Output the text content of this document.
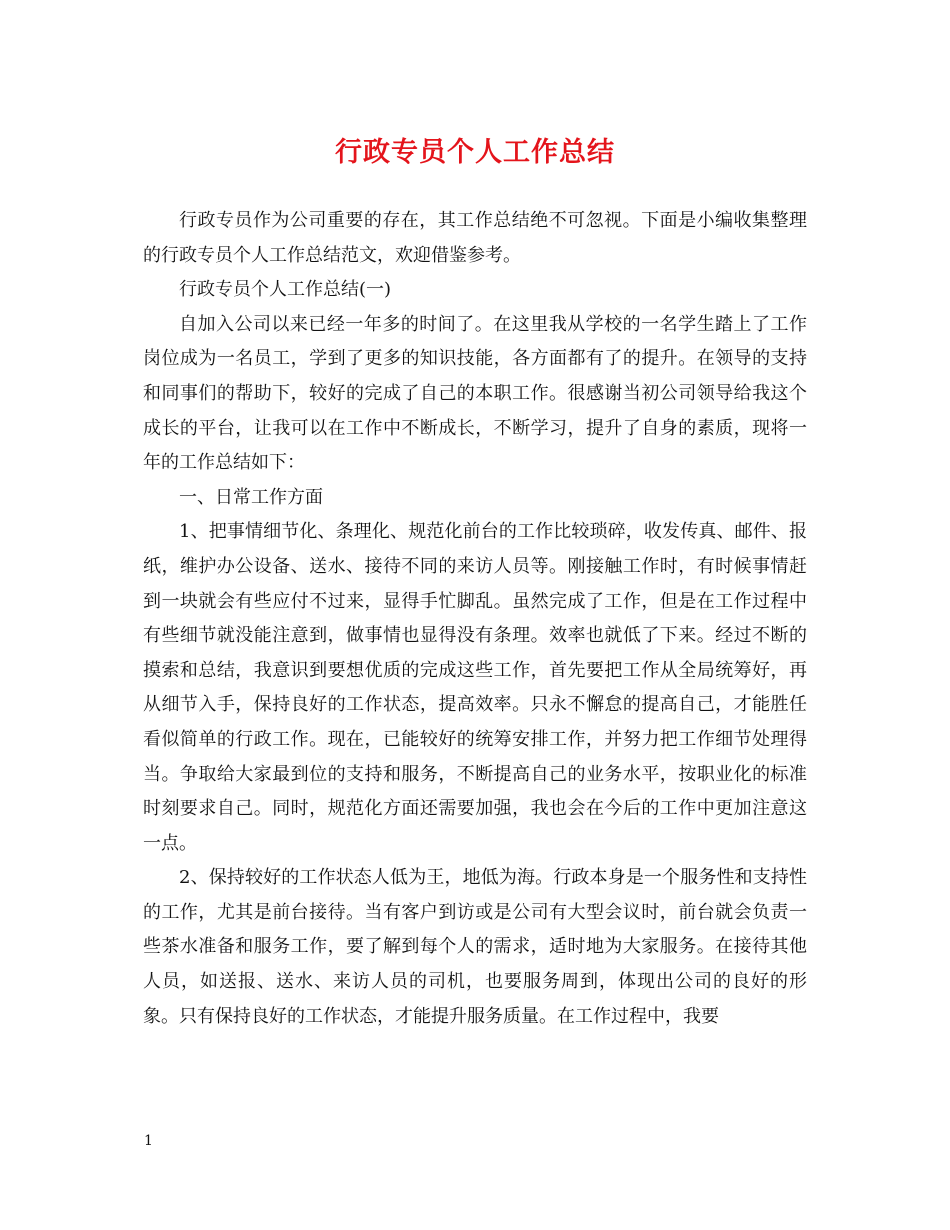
行政专员个人工作总结

行政专员作为公司重要的存在，其工作总结绝不可忽视。下面是小编收集整理的行政专员个人工作总结范文，欢迎借鉴参考。

行政专员个人工作总结(一)

自加入公司以来已经一年多的时间了。在这里我从学校的一名学生踏上了工作岗位成为一名员工，学到了更多的知识技能，各方面都有了的提升。在领导的支持和同事们的帮助下，较好的完成了自己的本职工作。很感谢当初公司领导给我这个成长的平台，让我可以在工作中不断成长，不断学习，提升了自身的素质，现将一年的工作总结如下：

一、日常工作方面

1、把事情细节化、条理化、规范化前台的工作比较琐碎，收发传真、邮件、报纸，维护办公设备、送水、接待不同的来访人员等。刚接触工作时，有时候事情赶到一块就会有些应付不过来，显得手忙脚乱。虽然完成了工作，但是在工作过程中有些细节就没能注意到，做事情也显得没有条理。效率也就低了下来。经过不断的摸索和总结，我意识到要想优质的完成这些工作，首先要把工作从全局统筹好，再从细节入手，保持良好的工作状态，提高效率。只永不懈怠的提高自己，才能胜任看似简单的行政工作。现在，已能较好的统筹安排工作，并努力把工作细节处理得当。争取给大家最到位的支持和服务，不断提高自己的业务水平，按职业化的标准时刻要求自己。同时，规范化方面还需要加强，我也会在今后的工作中更加注意这一点。

2、保持较好的工作状态人低为王，地低为海。行政本身是一个服务性和支持性的工作，尤其是前台接待。当有客户到访或是公司有大型会议时，前台就会负责一些茶水准备和服务工作，要了解到每个人的需求，适时地为大家服务。在接待其他人员，如送报、送水、来访人员的司机，也要服务周到，体现出公司的良好的形象。只有保持良好的工作状态，才能提升服务质量。在工作过程中，我要

1
